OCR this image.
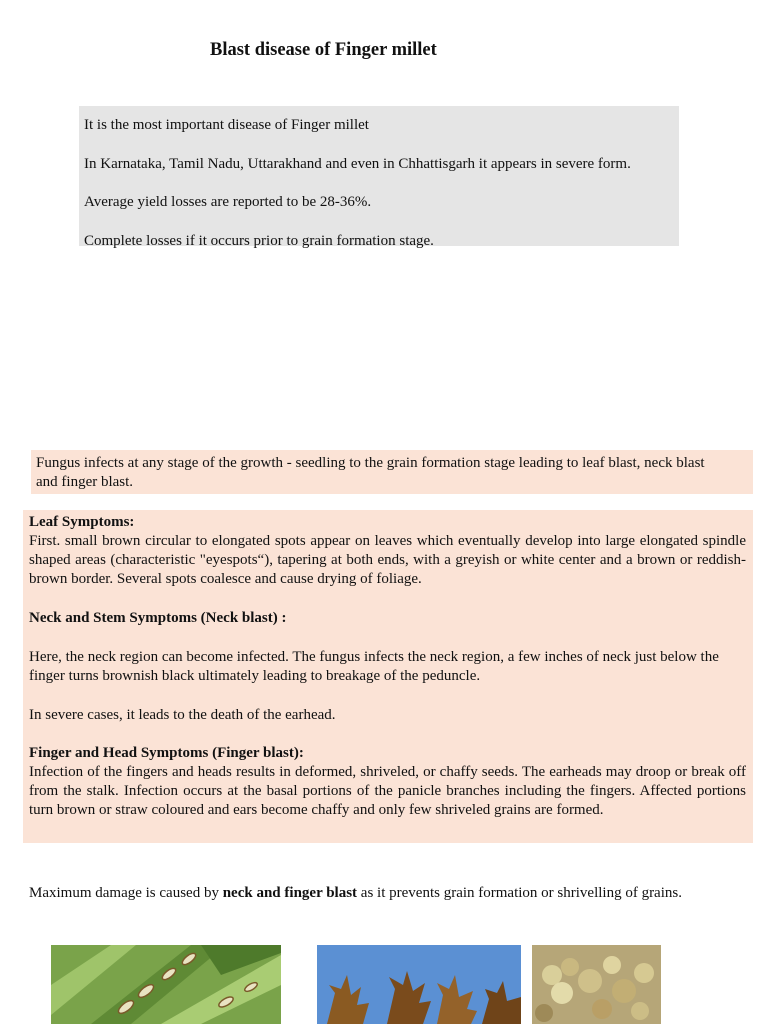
Blast disease of Finger millet

It is the most important disease of Finger millet

In Karnataka, Tamil Nadu, Uttarakhand and even in Chhattisgarh it appears in severe form.

Average yield losses are reported to be 28-36%.

Complete losses if it occurs prior to grain formation stage.

Fungus infects at any stage of the growth - seedling to the grain formation stage leading to leaf blast, neck blast and finger blast.

Leaf Symptoms:

First. small brown circular to elongated spots appear on leaves which eventually develop into large elongated spindle shaped areas (characteristic "eyespots“), tapering at both ends, with a greyish or white center and a brown or reddish-brown border. Several spots coalesce and cause drying of foliage.

Neck and Stem Symptoms (Neck blast) :

Here, the neck region can become infected. The fungus infects the neck region, a few inches of neck just below the finger turns brownish black ultimately leading to breakage of the peduncle.

In severe cases, it leads to the death of the earhead.

Finger and Head Symptoms (Finger blast):

Infection of the fingers and heads results in deformed, shriveled, or chaffy seeds. The earheads may droop or break off from the stalk. Infection occurs at the basal portions of the panicle branches including the fingers. Affected portions turn brown or straw coloured and ears become chaffy and only few shriveled grains are formed.

Maximum damage is caused by neck and finger blast as it prevents grain formation or shrivelling of grains.
